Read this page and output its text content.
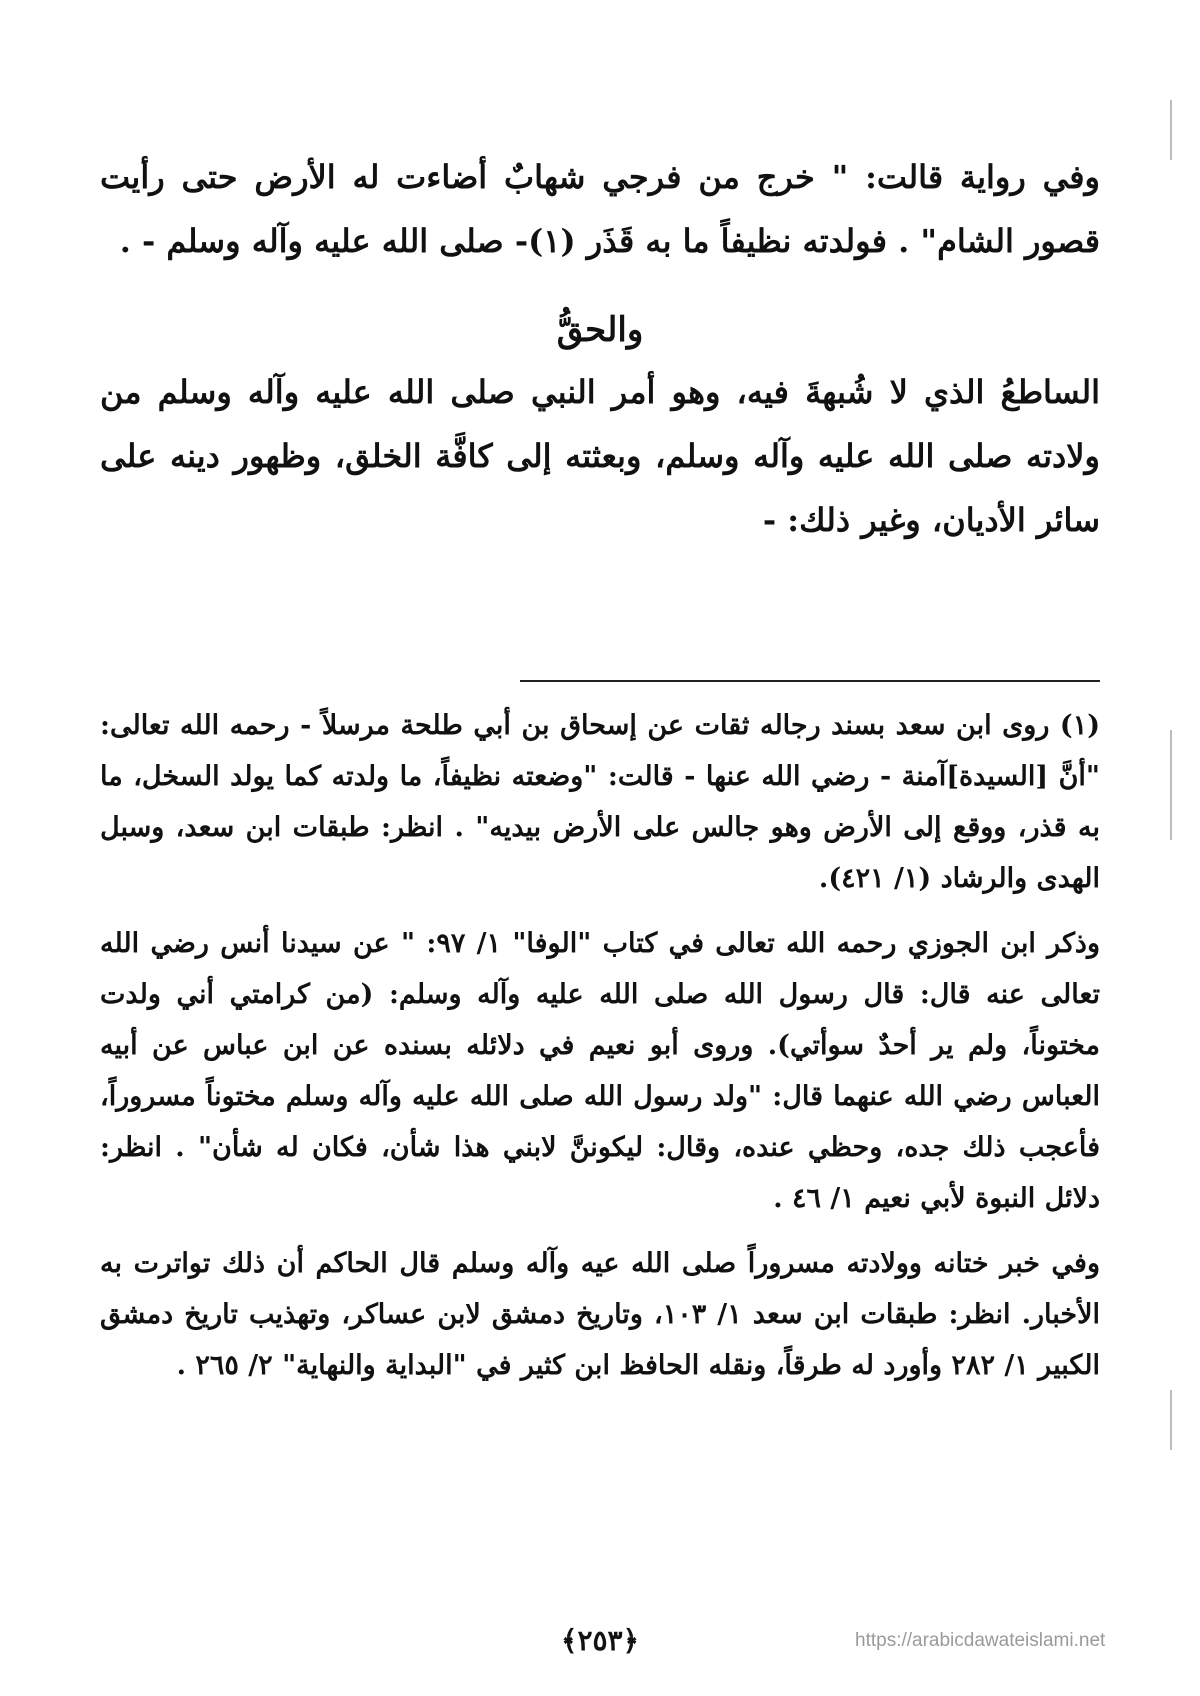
وفي رواية قالت: " خرج من فرجي شهابٌ أضاءت له الأرض حتى رأيت قصور الشام" . فولدته نظيفاً ما به قَذَر (١)- صلى الله عليه وآله وسلم - .

والحقُّ

الساطعُ الذي لا شُبهةَ فيه، وهو أمر النبي صلى الله عليه وآله وسلم من ولادته صلى الله عليه وآله وسلم، وبعثته إلى كافَّة الخلق، وظهور دينه على سائر الأديان، وغير ذلك: -

(١) روى ابن سعد بسند رجاله ثقات عن إسحاق بن أبي طلحة مرسلاً - رحمه الله تعالى: "أنَّ [السيدة]آمنة - رضي الله عنها - قالت: "وضعته نظيفاً، ما ولدته كما يولد السخل، ما به قذر، ووقع إلى الأرض وهو جالس على الأرض بيديه" . انظر: طبقات ابن سعد، وسبل الهدى والرشاد (١/ ٤٢١).

وذكر ابن الجوزي رحمه الله تعالى في كتاب "الوفا" ١/ ٩٧: " عن سيدنا أنس رضي الله تعالى عنه قال: قال رسول الله صلى الله عليه وآله وسلم: (من كرامتي أني ولدت مختوناً، ولم ير أحدٌ سوأتي). وروى أبو نعيم في دلائله بسنده عن ابن عباس عن أبيه العباس رضي الله عنهما قال: "ولد رسول الله صلى الله عليه وآله وسلم مختوناً مسروراً، فأعجب ذلك جده، وحظي عنده، وقال: ليكوننَّ لابني هذا شأن، فكان له شأن" . انظر: دلائل النبوة لأبي نعيم ١/ ٤٦ .

وفي خبر ختانه وولادته مسروراً صلى الله عيه وآله وسلم قال الحاكم أن ذلك تواترت به الأخبار. انظر: طبقات ابن سعد ١/ ١٠٣، وتاريخ دمشق لابن عساكر، وتهذيب تاريخ دمشق الكبير ١/ ٢٨٢ وأورد له طرقاً، ونقله الحافظ ابن كثير في "البداية والنهاية" ٢/ ٢٦٥ .

﴿٢٥٣﴾	https://arabicdawateislami.net
